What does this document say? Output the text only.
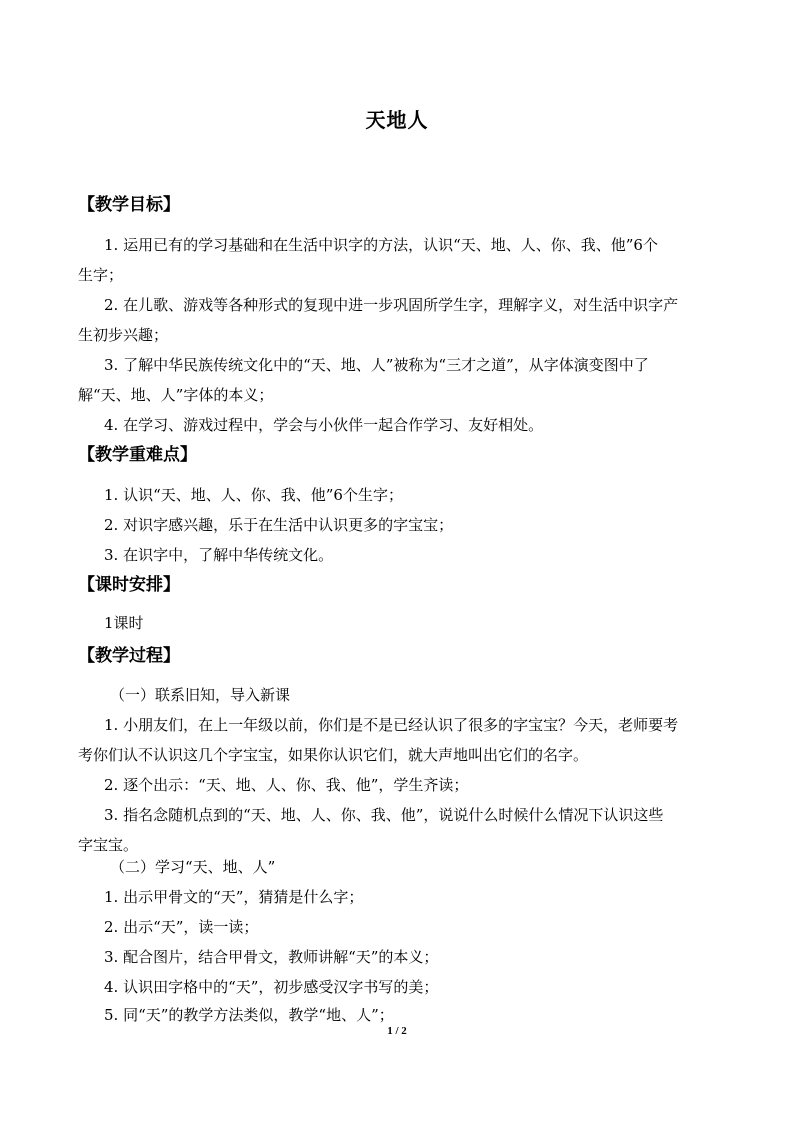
天地人
【教学目标】
1. 运用已有的学习基础和在生活中识字的方法，认识“天、地、人、你、我、他”6个
生字；
2. 在儿歌、游戏等各种形式的复现中进一步巩固所学生字，理解字义，对生活中识字产
生初步兴趣；
3. 了解中华民族传统文化中的“天、地、人”被称为“三才之道”，从字体演变图中了
解“天、地、人”字体的本义；
4. 在学习、游戏过程中，学会与小伙伴一起合作学习、友好相处。
【教学重难点】
1. 认识“天、地、人、你、我、他”6个生字；
2. 对识字感兴趣，乐于在生活中认识更多的字宝宝；
3. 在识字中，了解中华传统文化。
【课时安排】
1课时
【教学过程】
（一）联系旧知，导入新课
1. 小朋友们，在上一年级以前，你们是不是已经认识了很多的字宝宝？今天，老师要考
考你们认不认识这几个字宝宝，如果你认识它们，就大声地叫出它们的名字。
2. 逐个出示：“天、地、人、你、我、他”，学生齐读；
3. 指名念随机点到的“天、地、人、你、我、他”，说说什么时候什么情况下认识这些
字宝宝。
（二）学习“天、地、人”
1. 出示甲骨文的“天”，猜猜是什么字；
2. 出示“天”，读一读；
3. 配合图片，结合甲骨文，教师讲解“天”的本义；
4. 认识田字格中的“天”，初步感受汉字书写的美；
5. 同“天”的教学方法类似，教学“地、人”；
1 / 2
